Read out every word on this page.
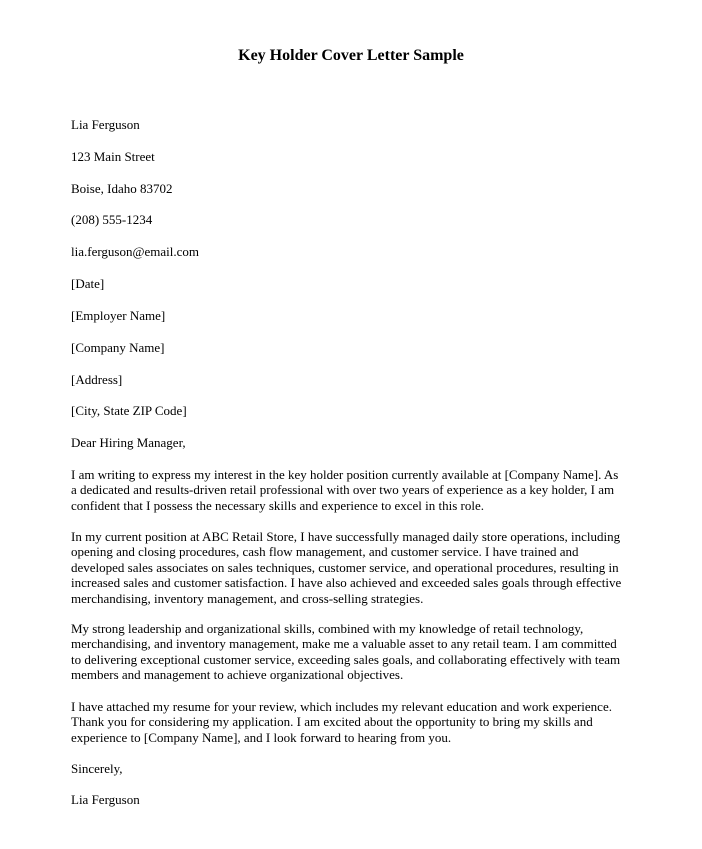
Key Holder Cover Letter Sample
Lia Ferguson
123 Main Street
Boise, Idaho 83702
(208) 555-1234
lia.ferguson@email.com
[Date]
[Employer Name]
[Company Name]
[Address]
[City, State ZIP Code]
Dear Hiring Manager,
I am writing to express my interest in the key holder position currently available at [Company Name]. As
a dedicated and results-driven retail professional with over two years of experience as a key holder, I am
confident that I possess the necessary skills and experience to excel in this role.
In my current position at ABC Retail Store, I have successfully managed daily store operations, including
opening and closing procedures, cash flow management, and customer service. I have trained and
developed sales associates on sales techniques, customer service, and operational procedures, resulting in
increased sales and customer satisfaction. I have also achieved and exceeded sales goals through effective
merchandising, inventory management, and cross-selling strategies.
My strong leadership and organizational skills, combined with my knowledge of retail technology,
merchandising, and inventory management, make me a valuable asset to any retail team. I am committed
to delivering exceptional customer service, exceeding sales goals, and collaborating effectively with team
members and management to achieve organizational objectives.
I have attached my resume for your review, which includes my relevant education and work experience.
Thank you for considering my application. I am excited about the opportunity to bring my skills and
experience to [Company Name], and I look forward to hearing from you.
Sincerely,
Lia Ferguson
